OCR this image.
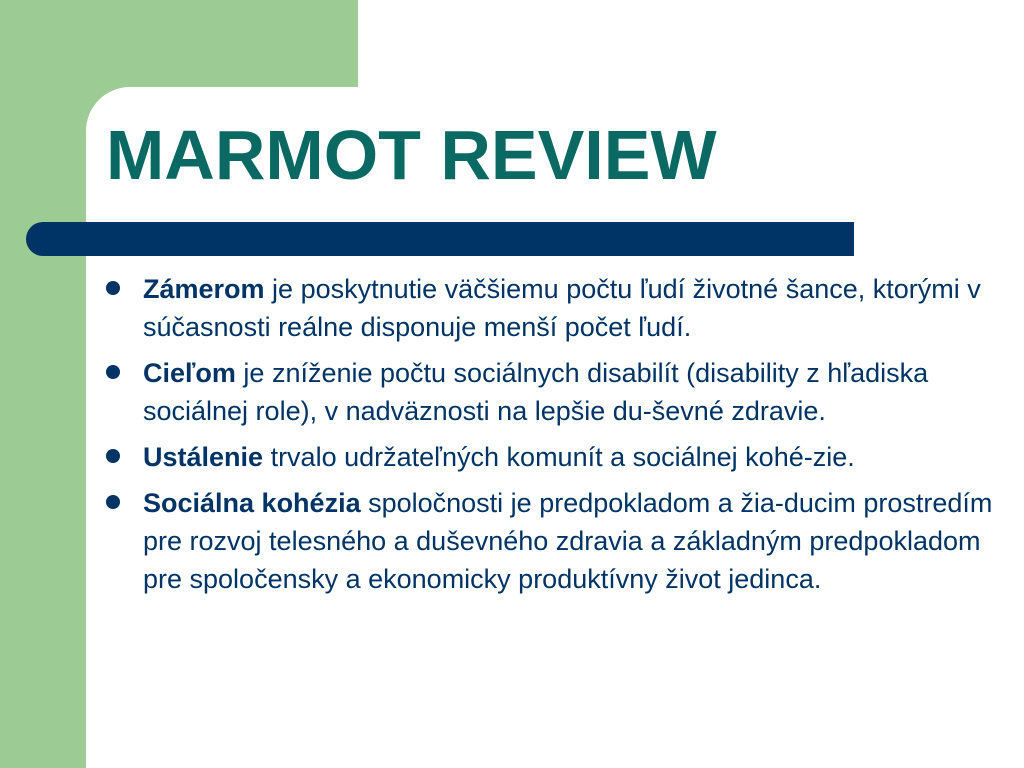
MARMOT REVIEW
Zámerom je poskytnutie väčšiemu počtu ľudí životné šance, ktorými v súčasnosti reálne disponuje menší počet ľudí.
Cieľom je zníženie počtu sociálnych disabilít (disability z hľadiska sociálnej role), v nadväznosti na lepšie du-ševné zdravie.
Ustálenie trvalo udržateľných komunít a sociálnej kohé-zie.
Sociálna kohézia spoločnosti je predpokladom a žia-ducim prostredím pre rozvoj telesného a duševného zdravia a základným predpokladom pre spoločensky a ekonomicky produktívny život jedinca.
